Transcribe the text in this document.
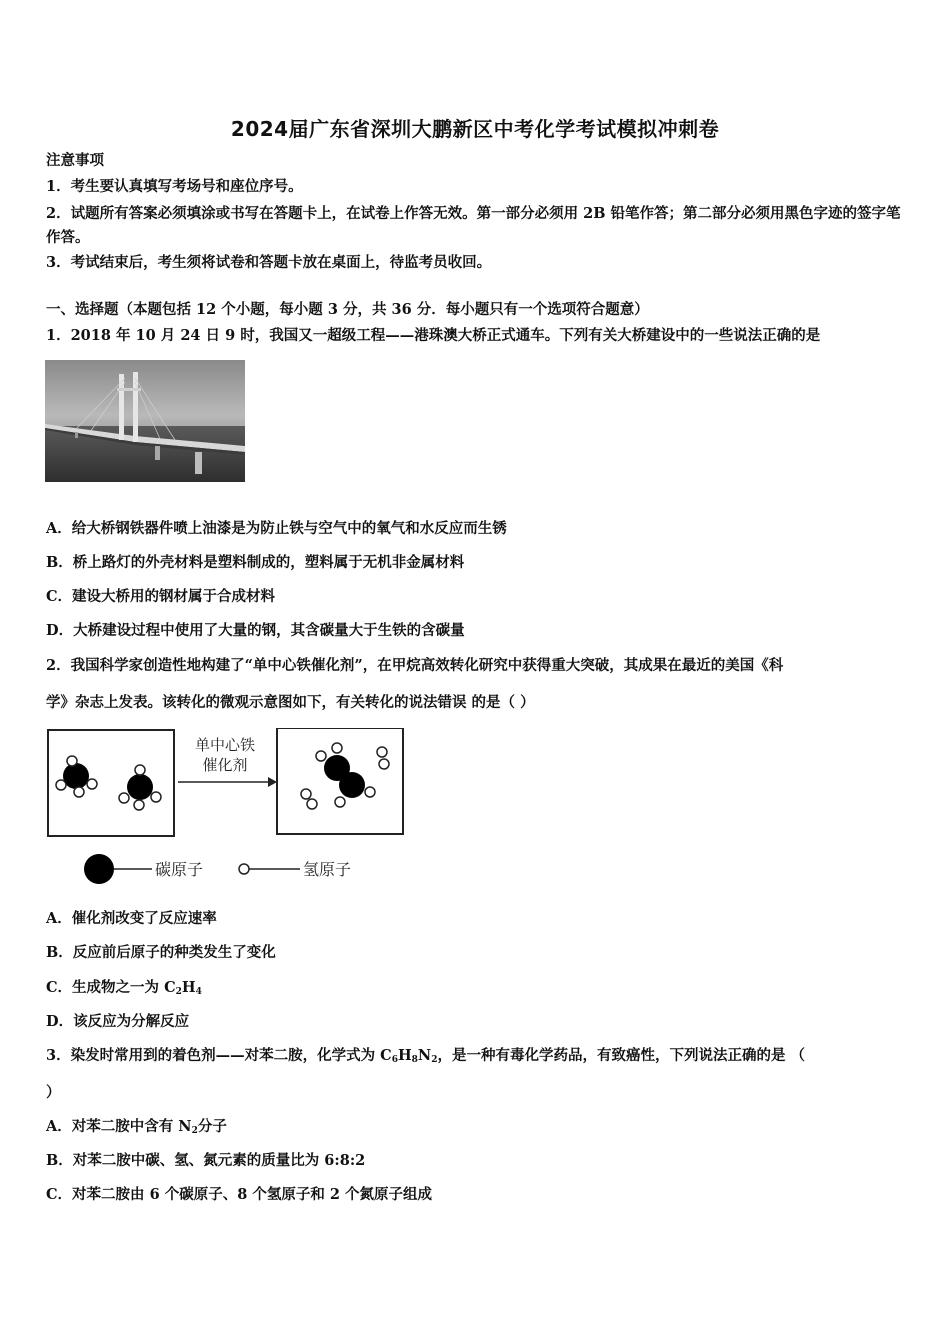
2024届广东省深圳大鹏新区中考化学考试模拟冲刺卷
注意事项
1．考生要认真填写考场号和座位序号。
2．试题所有答案必须填涂或书写在答题卡上，在试卷上作答无效。第一部分必须用 2B 铅笔作答；第二部分必须用黑色字迹的签字笔作答。
3．考试结束后，考生须将试卷和答题卡放在桌面上，待监考员收回。
一、选择题（本题包括 12 个小题，每小题 3 分，共 36 分．每小题只有一个选项符合题意）
1．2018 年 10 月 24 日 9 时，我国又一超级工程——港珠澳大桥正式通车。下列有关大桥建设中的一些说法正确的是
A．给大桥钢铁器件喷上油漆是为防止铁与空气中的氧气和水反应而生锈
B．桥上路灯的外壳材料是塑料制成的，塑料属于无机非金属材料
C．建设大桥用的钢材属于合成材料
D．大桥建设过程中使用了大量的钢，其含碳量大于生铁的含碳量
2．我国科学家创造性地构建了“单中心铁催化剂”，在甲烷高效转化研究中获得重大突破，其成果在最近的美国《科
学》杂志上发表。该转化的微观示意图如下，有关转化的说法错误 的是（ ）
单中心铁
催化剂
碳原子	氢原子
A．催化剂改变了反应速率
B．反应前后原子的种类发生了变化
C．生成物之一为 $C_2H_4$
D．该反应为分解反应
3．染发时常用到的着色剂——对苯二胺，化学式为 $C_6H_8N_2$，是一种有毒化学药品，有致癌性，下列说法正确的是 （
）
A．对苯二胺中含有 $N_2$分子
B．对苯二胺中碳、氢、氮元素的质量比为 6:8:2
C．对苯二胺由 6 个碳原子、8 个氢原子和 2 个氮原子组成
